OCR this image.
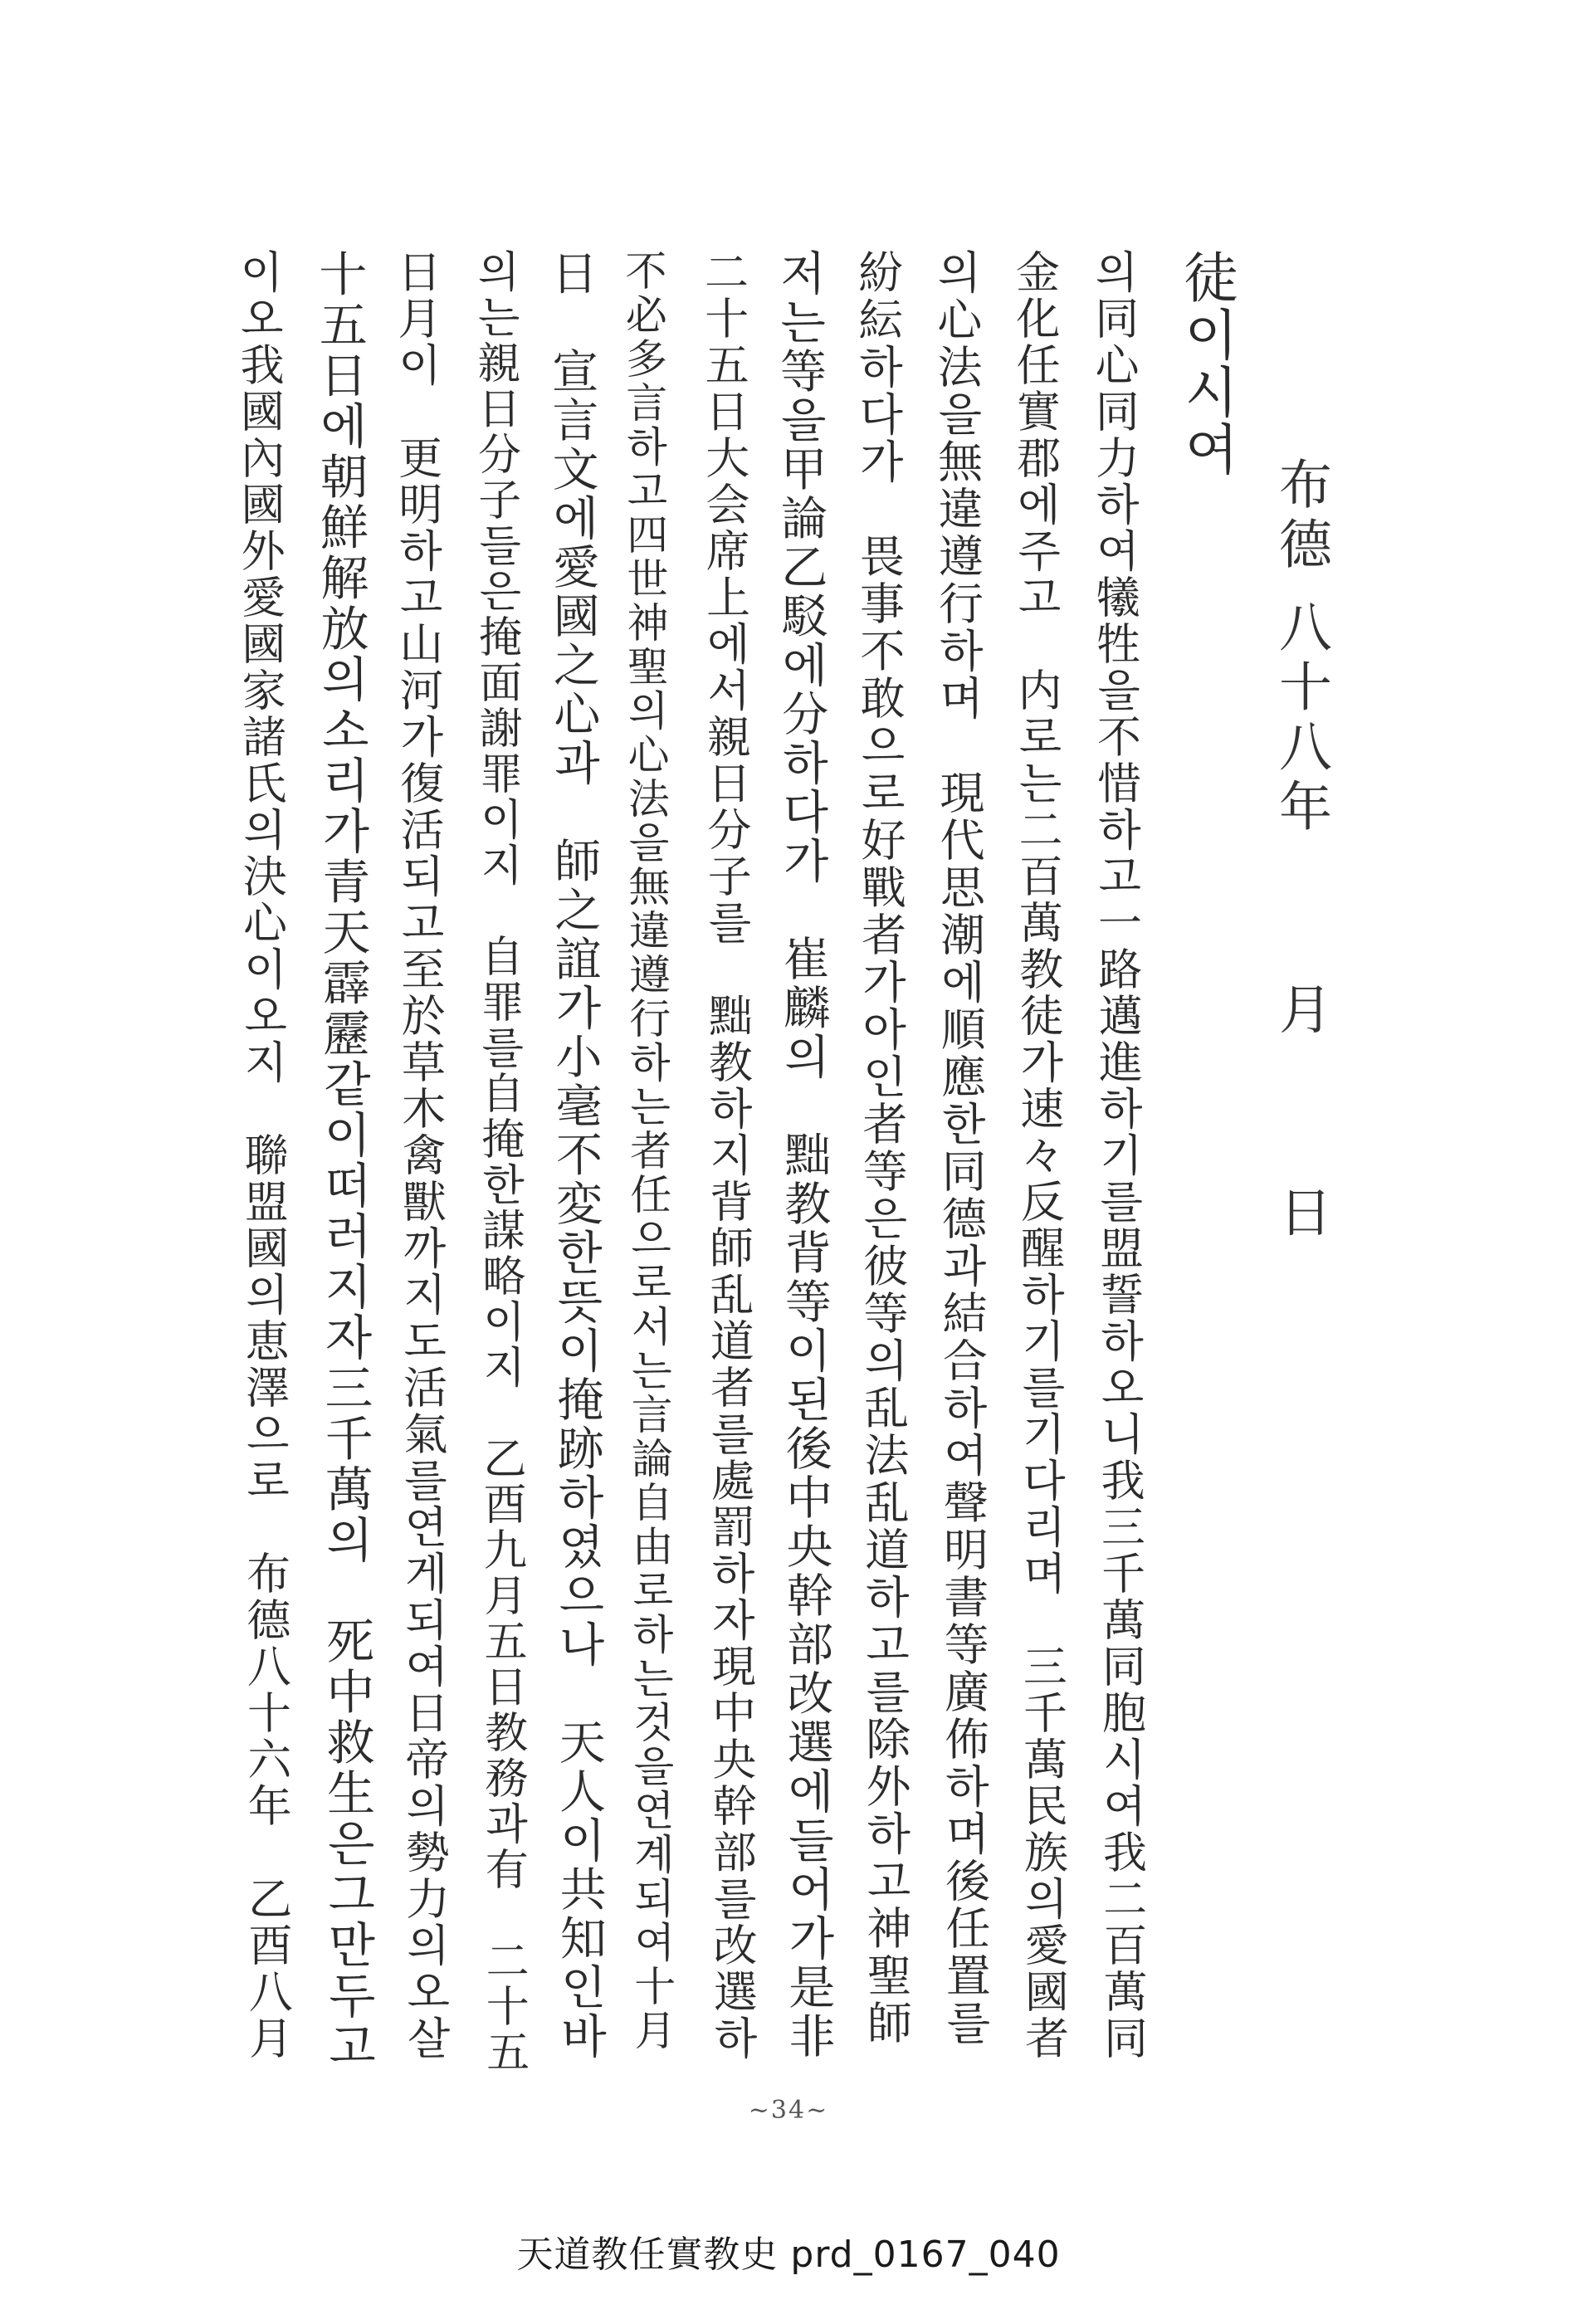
布德 八十八年 　　月 　　日
徒이시여
의同心同力하여犧牲을不惜하고一路邁進하기를盟誓하오니我三千萬同胞시여我二百萬同
金化任實郡에주고　内로는二百萬教徒가速々反醒하기를기다리며　三千萬民族의愛國者
의心法을無違遵行하며　現代思潮에順應한同德과結合하여聲明書等廣佈하며後任置를
紛紜하다가　畏事不敢으로好戰者가아인者等은彼等의乱法乱道하고를除外하고神聖師
저는等을甲論乙駁에分하다가　崔麟의　黜教背等이된後中央幹部改選에들어가是非
二十五日大会席上에서親日分子를　黜教하지背師乱道者를處罰하자現中央幹部를改選하
不必多言하고四世神聖의心法을無違遵行하는者任으로서는言論自由로하는것을연계되여十月
日　宣言文에愛國之心과　師之誼가小毫不変한뜻이掩跡하였으나　天人이共知인바
의는親日分子들은掩面謝罪이지　自罪를自掩한謀略이지　乙酉九月五日教務과有　二十五
日月이　更明하고山河가復活되고至於草木禽獸까지도活氣를연게되여日帝의勢力의오살
十五日에朝鮮解放의소리가青天霹靂같이떠러지자三千萬의　死中救生은그만두고
이오我國內國外愛國家諸氏의決心이오지　聯盟國의恵澤으로　布德八十六年　乙酉八月
~34~
天道教任實教史 prd_0167_040
